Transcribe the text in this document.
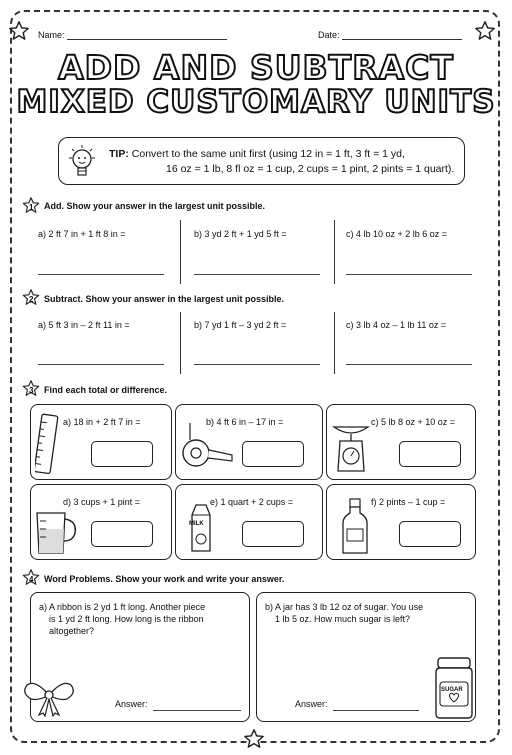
Name:	Date:
ADD AND SUBTRACT
MIXED CUSTOMARY UNITS
TIP: Convert to the same unit first (using 12 in = 1 ft, 3 ft = 1 yd,
16 oz = 1 lb, 8 fl oz = 1 cup, 2 cups = 1 pint, 2 pints = 1 quart).
1 Add. Show your answer in the largest unit possible.
a) 2 ft 7 in + 1 ft 8 in =	b) 3 yd 2 ft + 1 yd 5 ft =	c) 4 lb 10 oz + 2 lb 6 oz =
2 Subtract. Show your answer in the largest unit possible.
a) 5 ft 3 in – 2 ft 11 in =	b) 7 yd 1 ft – 3 yd 2 ft =	c) 3 lb 4 oz – 1 lb 11 oz =
3 Find each total or difference.
a) 18 in + 2 ft 7 in =	b) 4 ft 6 in – 17 in =	c) 5 lb 8 oz + 10 oz =
d) 3 cups + 1 pint =
MILK
e) 1 quart + 2 cups =	f) 2 pints – 1 cup =
4 Word Problems. Show your work and write your answer.
a) A ribbon is 2 yd 1 ft long. Another piece
is 1 yd 2 ft long. How long is the ribbon
altogether?
Answer:
b) A jar has 3 lb 12 oz of sugar. You use
1 lb 5 oz. How much sugar is left?
Answer:
SUGAR
